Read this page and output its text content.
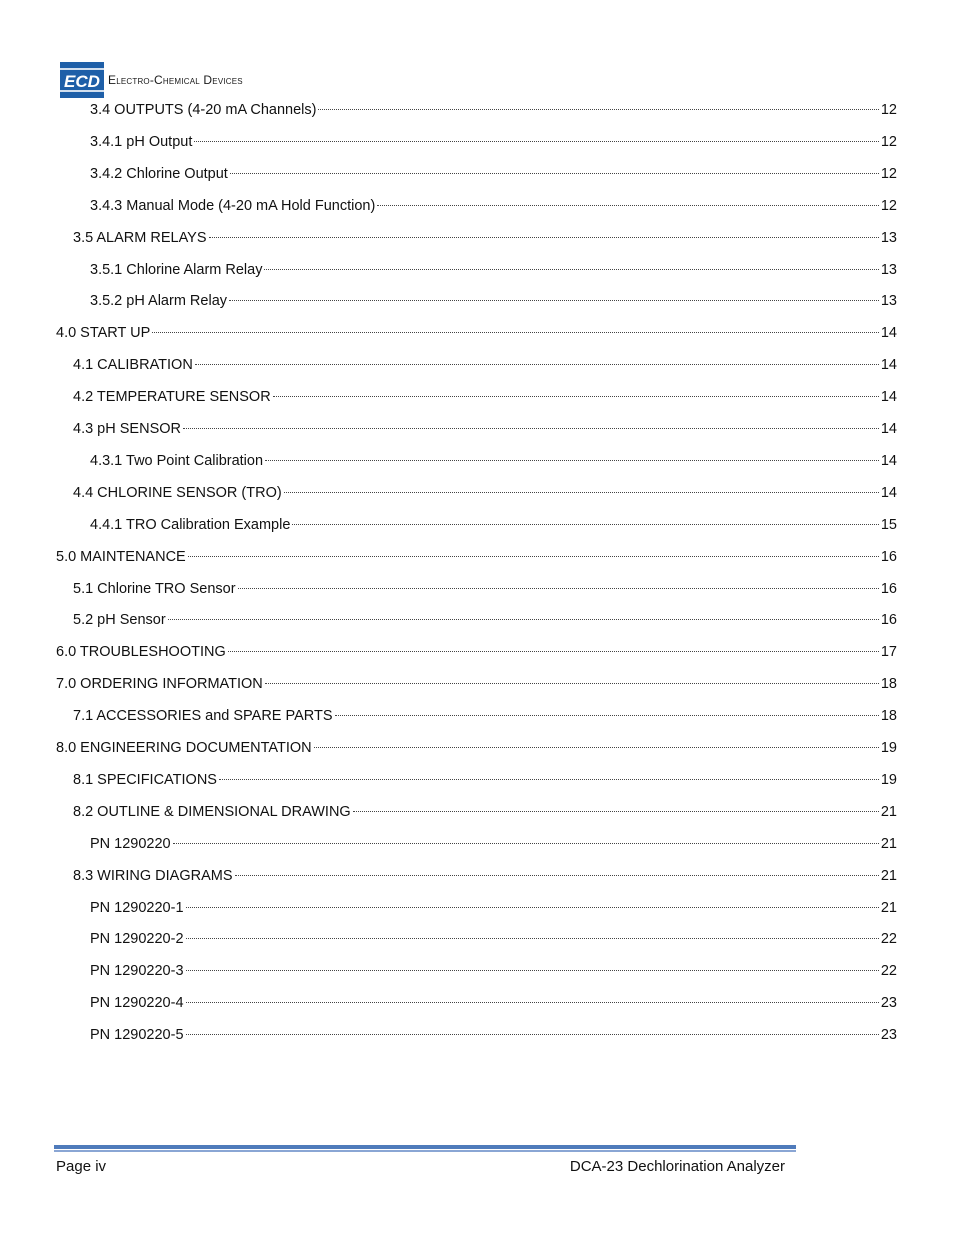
ECD Electro-Chemical Devices
3.4 OUTPUTS (4-20 mA Channels)	12
3.4.1 pH Output	12
3.4.2 Chlorine Output	12
3.4.3 Manual Mode (4-20 mA Hold Function)	12
3.5 ALARM RELAYS	13
3.5.1 Chlorine Alarm Relay	13
3.5.2 pH Alarm Relay	13
4.0 START UP	14
4.1 CALIBRATION	14
4.2 TEMPERATURE SENSOR	14
4.3 pH SENSOR	14
4.3.1 Two Point Calibration	14
4.4 CHLORINE SENSOR (TRO)	14
4.4.1 TRO Calibration Example	15
5.0 MAINTENANCE	16
5.1 Chlorine TRO Sensor	16
5.2 pH Sensor	16
6.0 TROUBLESHOOTING	17
7.0 ORDERING INFORMATION	18
7.1 ACCESSORIES and SPARE PARTS	18
8.0 ENGINEERING DOCUMENTATION	19
8.1 SPECIFICATIONS	19
8.2 OUTLINE & DIMENSIONAL DRAWING	21
PN 1290220	21
8.3 WIRING DIAGRAMS	21
PN 1290220-1	21
PN 1290220-2	22
PN 1290220-3	22
PN 1290220-4	23
PN 1290220-5	23
Page iv	DCA-23 Dechlorination Analyzer
